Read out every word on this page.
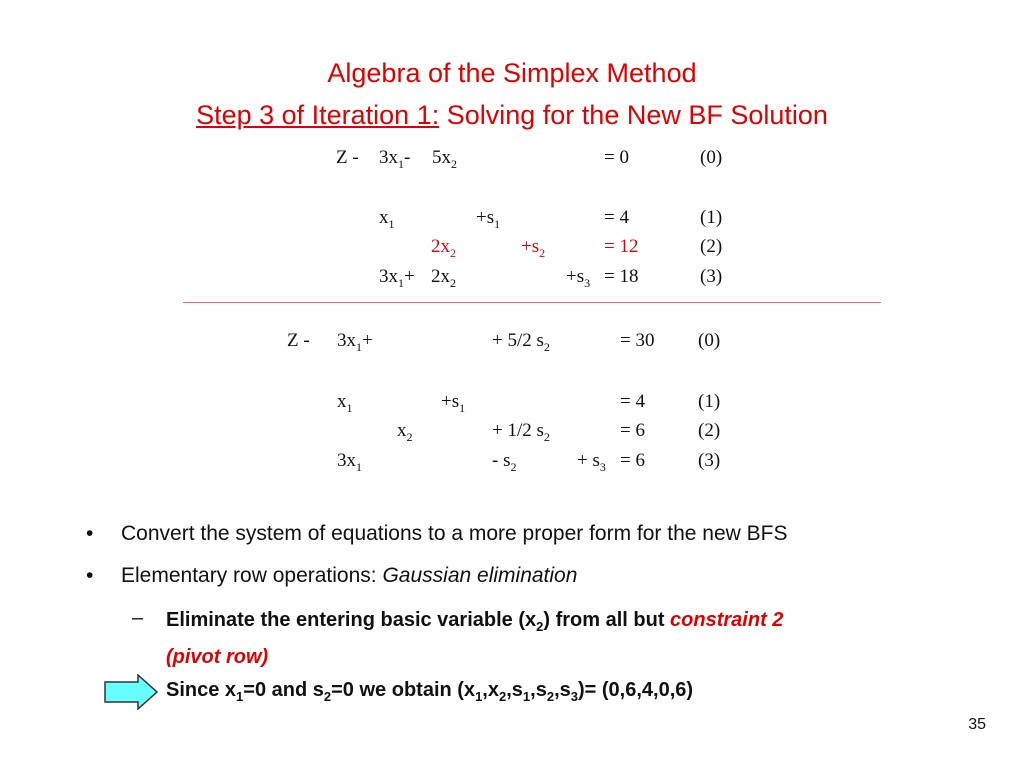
Algebra of the Simplex Method
Step 3 of Iteration 1: Solving for the New BF Solution
Z - $3x_1-$ $5x_2$	= 0	(0)
$x_1$	$+s_1$	= 4	(1)
$2x_2$	$+s_2$	= 12	(2)
$3x_1+ 2x_2$	$+s_3 = 18$	(3)
$Z - 3x_1+$	+ 5/2 $s_2$	= 30 (0)
$x_1$	$+s_1$	= 4	(1)
$x_2$	+ 1/2 $s_2$	= 6	(2)
$3x_1$	- $s_2$	+ $s_3 = 6$	(3)
• Convert the system of equations to a more proper form for the new BFS
• Elementary row operations: Gaussian elimination
– Eliminate the entering basic variable $(x_2)$ from all but constraint 2
(pivot row)
Since $x_1=0$ and $s_2=0$ we obtain $(x_1,x_2,s_1,s_2,s_3)= (0,6,4,0,6)$
35
